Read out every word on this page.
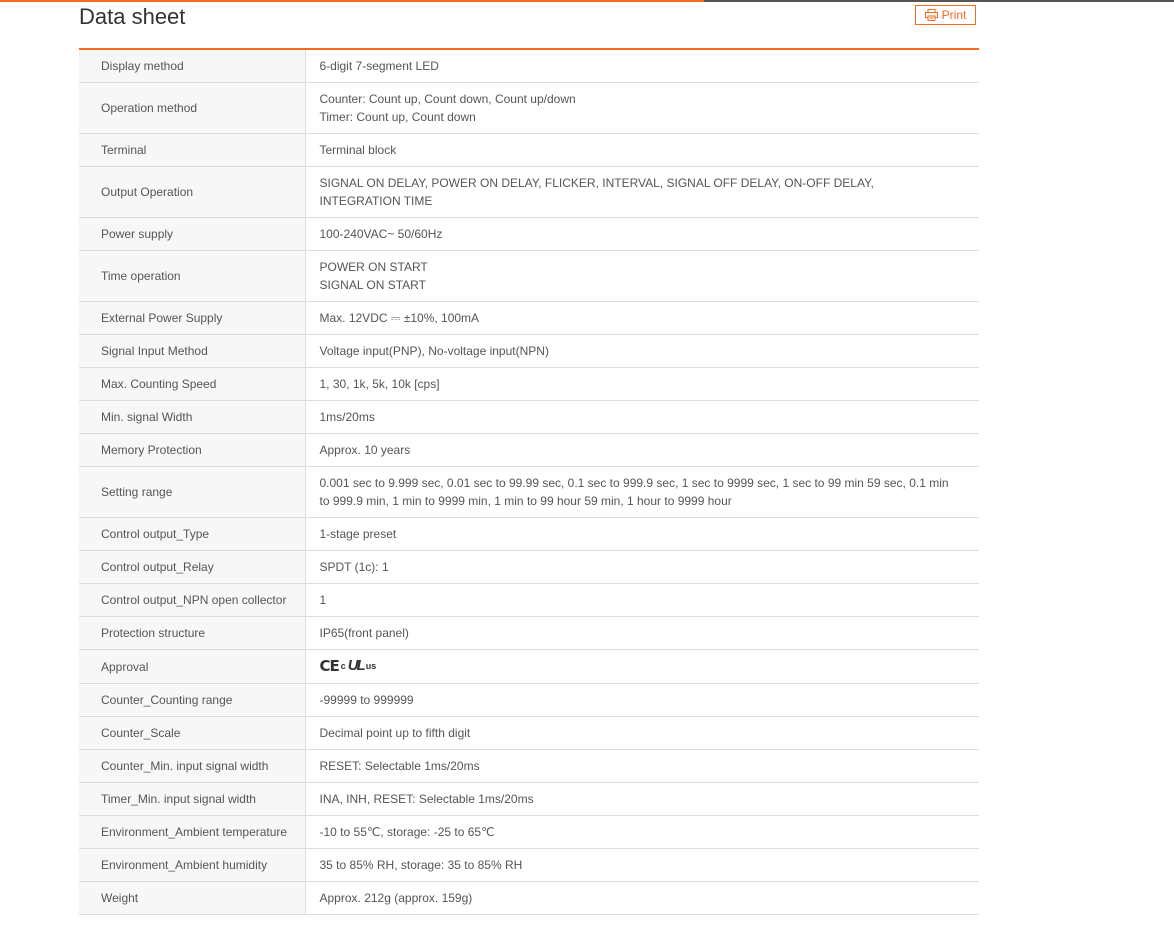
Data sheet	Print
Display method	6-digit 7-segment LED
Operation method	Counter: Count up, Count down, Count up/down
Timer: Count up, Count down
Terminal	Terminal block
Output Operation	SIGNAL ON DELAY, POWER ON DELAY, FLICKER, INTERVAL, SIGNAL OFF DELAY, ON-OFF DELAY, INTEGRATION TIME
Power supply	100-240VAC~ 50/60Hz
Time operation	POWER ON START
SIGNAL ON START
External Power Supply	Max. 12VDC ⎓ ±10%, 100mA
Signal Input Method	Voltage input(PNP), No-voltage input(NPN)
Max. Counting Speed	1, 30, 1k, 5k, 10k [cps]
Min. signal Width	1ms/20ms
Memory Protection	Approx. 10 years
Setting range	0.001 sec to 9.999 sec, 0.01 sec to 99.99 sec, 0.1 sec to 999.9 sec, 1 sec to 9999 sec, 1 sec to 99 min 59 sec, 0.1 min to 999.9 min, 1 min to 9999 min, 1 min to 99 hour 59 min, 1 hour to 9999 hour
Control output_Type	1-stage preset
Control output_Relay	SPDT (1c): 1
Control output_NPN open collector	1
Protection structure	IP65(front panel)
Approval	CE c UL us

Counter_Counting range	-99999 to 999999
Counter_Scale	Decimal point up to fifth digit
Counter_Min. input signal width	RESET: Selectable 1ms/20ms
Timer_Min. input signal width	INA, INH, RESET: Selectable 1ms/20ms
Environment_Ambient temperature	-10 to 55℃, storage: -25 to 65℃
Environment_Ambient humidity	35 to 85% RH, storage: 35 to 85% RH
Weight	Approx. 212g (approx. 159g)
